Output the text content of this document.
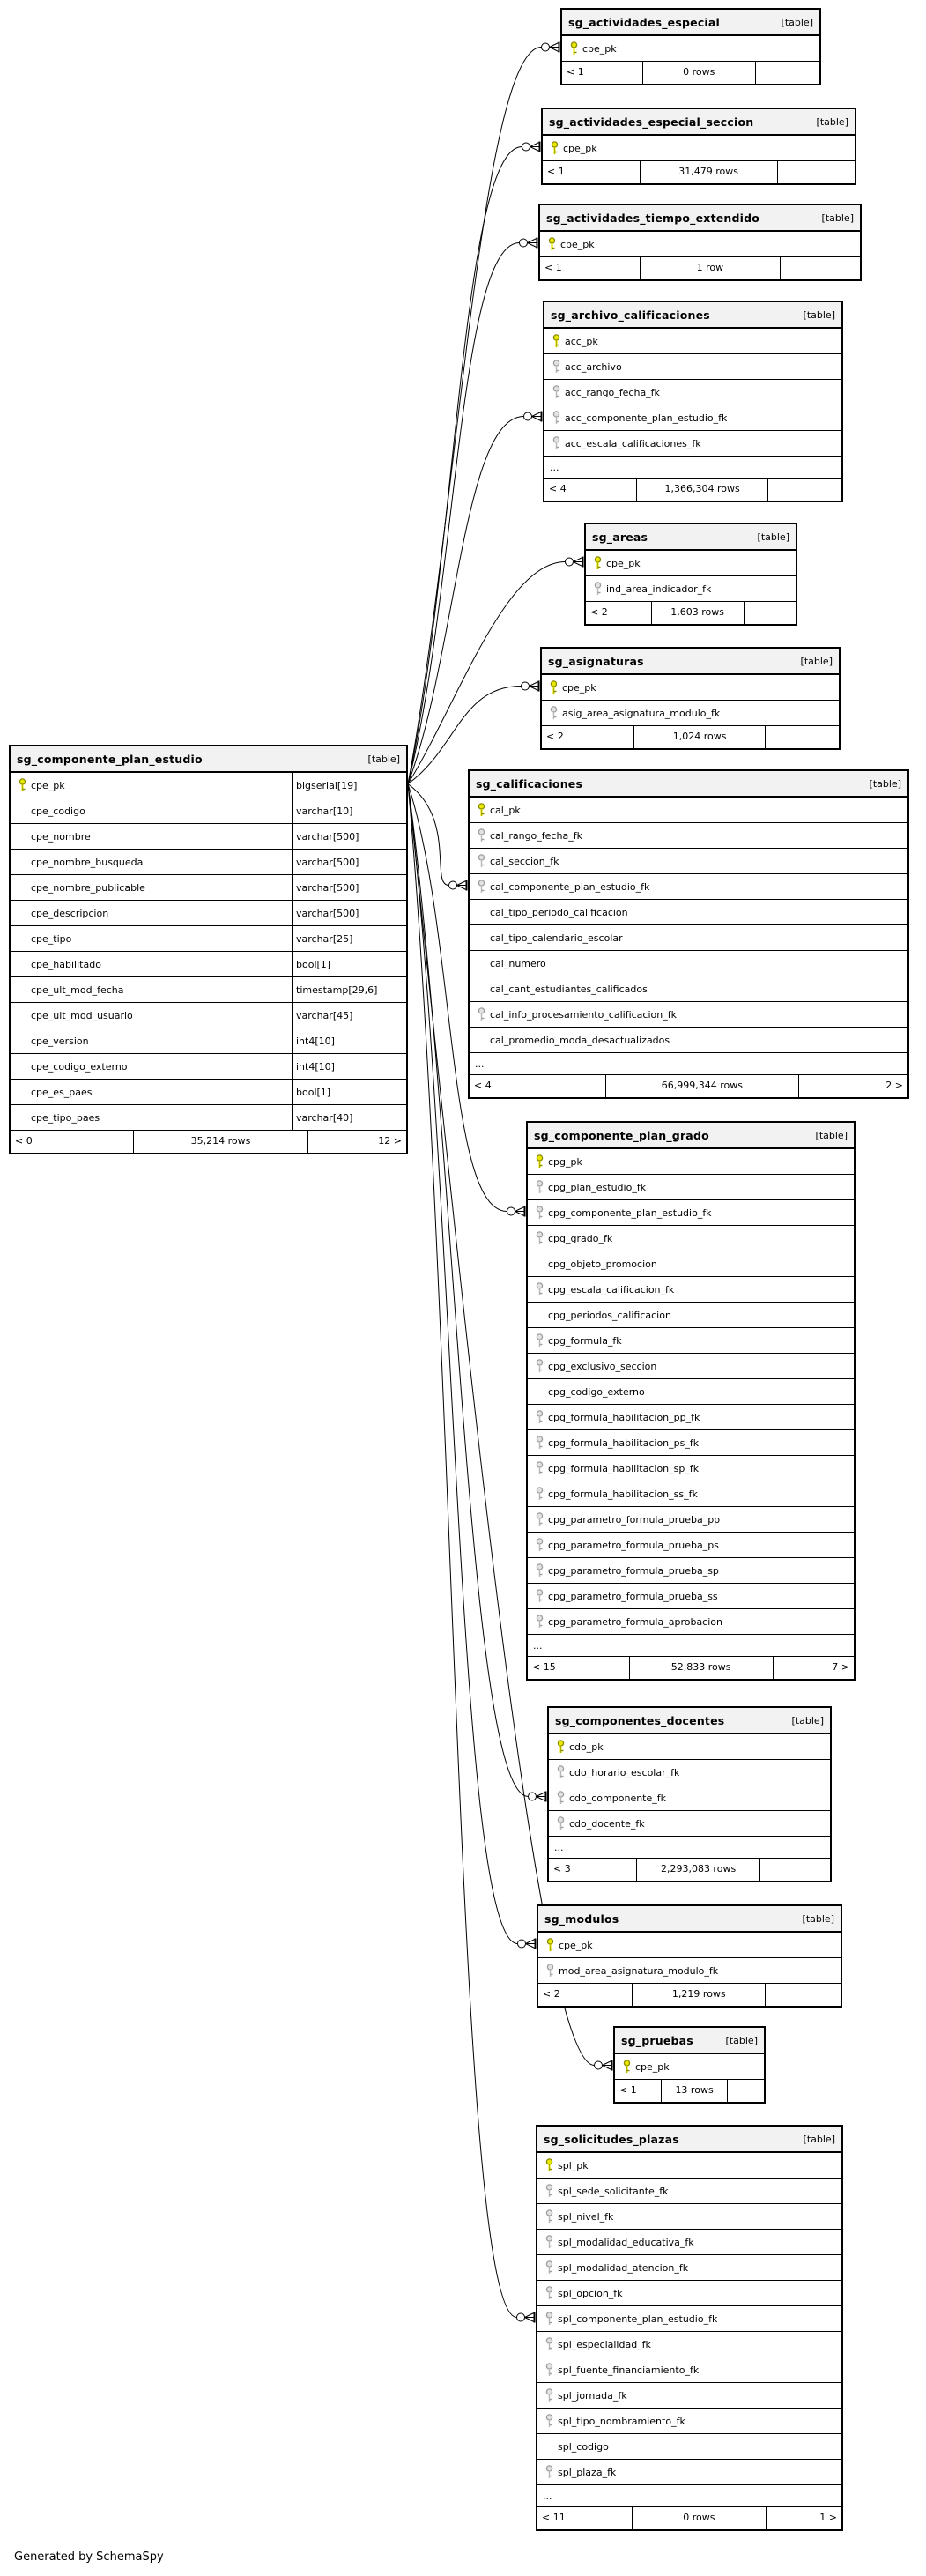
sg_actividades_especial	[table]
cpe_pk
< 1	0 rows
sg_actividades_especial_seccion	[table]
cpe_pk
< 1	31,479 rows
sg_actividades_tiempo_extendido	[table]
cpe_pk
< 1	1 row
sg_archivo_calificaciones	[table]
acc_pk
acc_archivo
acc_rango_fecha_fk
acc_componente_plan_estudio_fk
acc_escala_calificaciones_fk
...
< 4	1,366,304 rows
sg_areas	[table]
cpe_pk
ind_area_indicador_fk
< 2	1,603 rows
sg_asignaturas	[table]
cpe_pk
asig_area_asignatura_modulo_fk
< 2	1,024 rows
sg_componente_plan_estudio	[table]
cpe_pk	bigserial[19]
cpe_codigo	varchar[10]
cpe_nombre	varchar[500]
cpe_nombre_busqueda	varchar[500]
cpe_nombre_publicable	varchar[500]
cpe_descripcion	varchar[500]
cpe_tipo	varchar[25]
cpe_habilitado	bool[1]
cpe_ult_mod_fecha	timestamp[29,6]
cpe_ult_mod_usuario	varchar[45]
cpe_version	int4[10]
cpe_codigo_externo	int4[10]
cpe_es_paes	bool[1]
cpe_tipo_paes	varchar[40]
< 0	35,214 rows	12 >
sg_calificaciones	[table]
cal_pk
cal_rango_fecha_fk
cal_seccion_fk
cal_componente_plan_estudio_fk
cal_tipo_periodo_calificacion
cal_tipo_calendario_escolar
cal_numero
cal_cant_estudiantes_calificados
cal_info_procesamiento_calificacion_fk
cal_promedio_moda_desactualizados
...
< 4	66,999,344 rows	2 >
sg_componente_plan_grado	[table]
cpg_pk
cpg_plan_estudio_fk
cpg_componente_plan_estudio_fk
cpg_grado_fk
cpg_objeto_promocion
cpg_escala_calificacion_fk
cpg_periodos_calificacion
cpg_formula_fk
cpg_exclusivo_seccion
cpg_codigo_externo
cpg_formula_habilitacion_pp_fk
cpg_formula_habilitacion_ps_fk
cpg_formula_habilitacion_sp_fk
cpg_formula_habilitacion_ss_fk
cpg_parametro_formula_prueba_pp
cpg_parametro_formula_prueba_ps
cpg_parametro_formula_prueba_sp
cpg_parametro_formula_prueba_ss
cpg_parametro_formula_aprobacion
...
< 15	52,833 rows	7 >
sg_componentes_docentes	[table]
cdo_pk
cdo_horario_escolar_fk
cdo_componente_fk
cdo_docente_fk
...
< 3	2,293,083 rows
sg_modulos	[table]
cpe_pk
mod_area_asignatura_modulo_fk
< 2	1,219 rows
sg_pruebas	[table]
cpe_pk
< 1	13 rows
sg_solicitudes_plazas	[table]
spl_pk
spl_sede_solicitante_fk
spl_nivel_fk
spl_modalidad_educativa_fk
spl_modalidad_atencion_fk
spl_opcion_fk
spl_componente_plan_estudio_fk
spl_especialidad_fk
spl_fuente_financiamiento_fk
spl_jornada_fk
spl_tipo_nombramiento_fk
spl_codigo
spl_plaza_fk
...
< 11	0 rows	1 >
Generated by SchemaSpy
